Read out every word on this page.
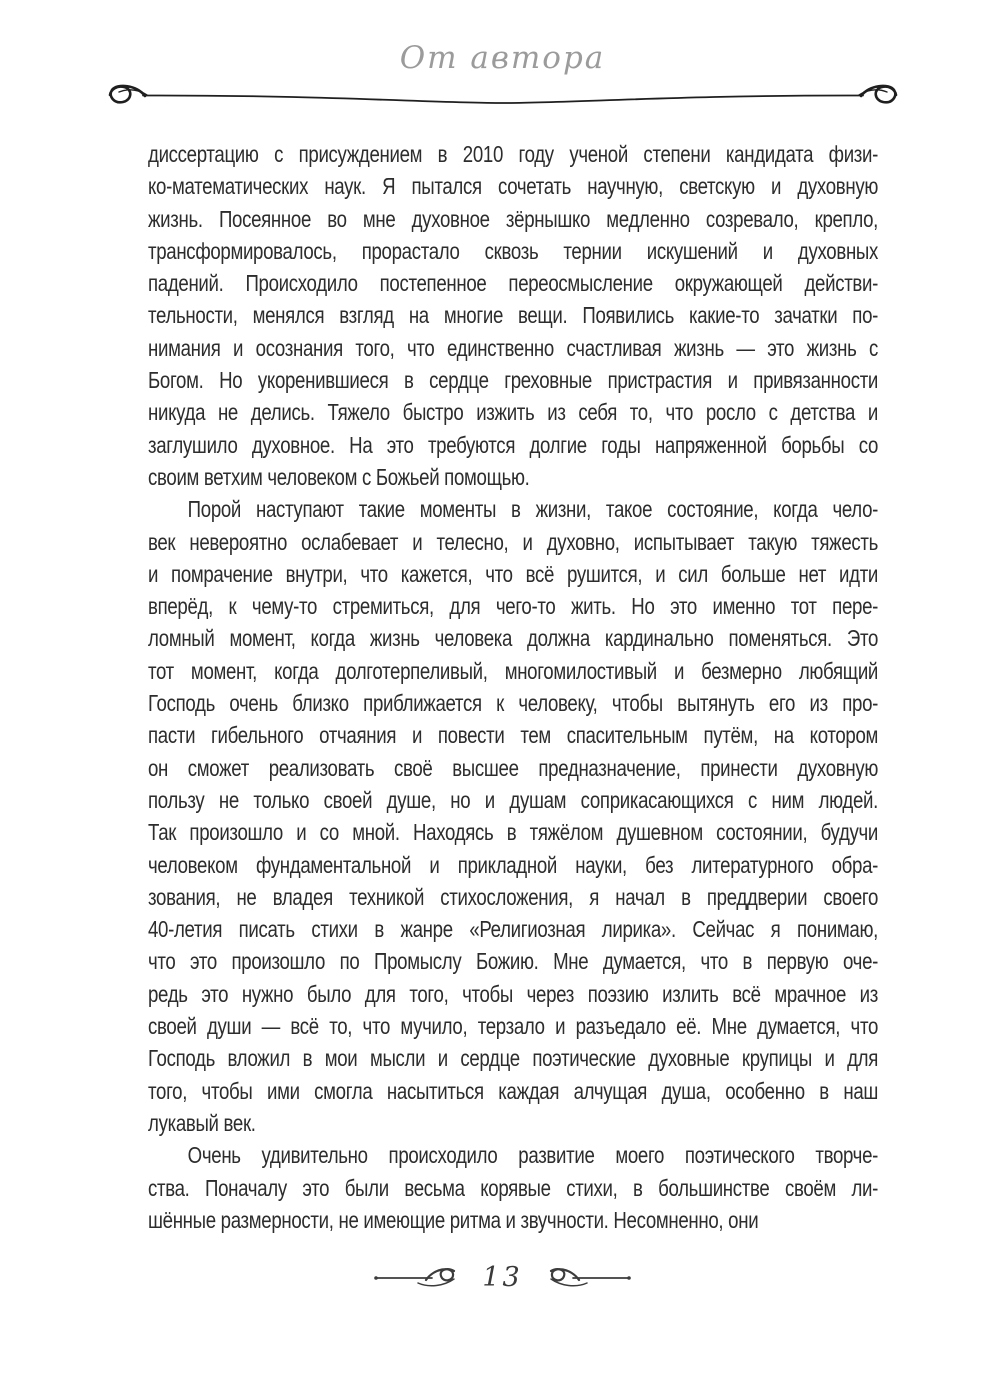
От автора
диссертацию с присуждением в 2010 году ученой степени кандидата физи-
ко-математических наук. Я пытался сочетать научную, светскую и духовную
жизнь. Посеянное во мне духовное зёрнышко медленно созревало, крепло,
трансформировалось, прорастало сквозь тернии искушений и духовных
падений. Происходило постепенное переосмысление окружающей действи-
тельности, менялся взгляд на многие вещи. Появились какие-то зачатки по-
нимания и осознания того, что единственно счастливая жизнь — это жизнь с
Богом. Но укоренившиеся в сердце греховные пристрастия и привязанности
никуда не делись. Тяжело быстро изжить из себя то, что росло с детства и
заглушило духовное. На это требуются долгие годы напряженной борьбы со
своим ветхим человеком с Божьей помощью.
Порой наступают такие моменты в жизни, такое состояние, когда чело-
век невероятно ослабевает и телесно, и духовно, испытывает такую тяжесть
и помрачение внутри, что кажется, что всё рушится, и сил больше нет идти
вперёд, к чему-то стремиться, для чего-то жить. Но это именно тот пере-
ломный момент, когда жизнь человека должна кардинально поменяться. Это
тот момент, когда долготерпеливый, многомилостивый и безмерно любящий
Господь очень близко приближается к человеку, чтобы вытянуть его из про-
пасти гибельного отчаяния и повести тем спасительным путём, на котором
он сможет реализовать своё высшее предназначение, принести духовную
пользу не только своей душе, но и душам соприкасающихся с ним людей.
Так произошло и со мной. Находясь в тяжёлом душевном состоянии, будучи
человеком фундаментальной и прикладной науки, без литературного обра-
зования, не владея техникой стихосложения, я начал в преддверии своего
40-летия писать стихи в жанре «Религиозная лирика». Сейчас я понимаю,
что это произошло по Промыслу Божию. Мне думается, что в первую оче-
редь это нужно было для того, чтобы через поэзию излить всё мрачное из
своей души — всё то, что мучило, терзало и разъедало её. Мне думается, что
Господь вложил в мои мысли и сердце поэтические духовные крупицы и для
того, чтобы ими смогла насытиться каждая алчущая душа, особенно в наш
лукавый век.
Очень удивительно происходило развитие моего поэтического творче-
ства. Поначалу это были весьма корявые стихи, в большинстве своём ли-
шённые размерности, не имеющие ритма и звучности. Несомненно, они
13
